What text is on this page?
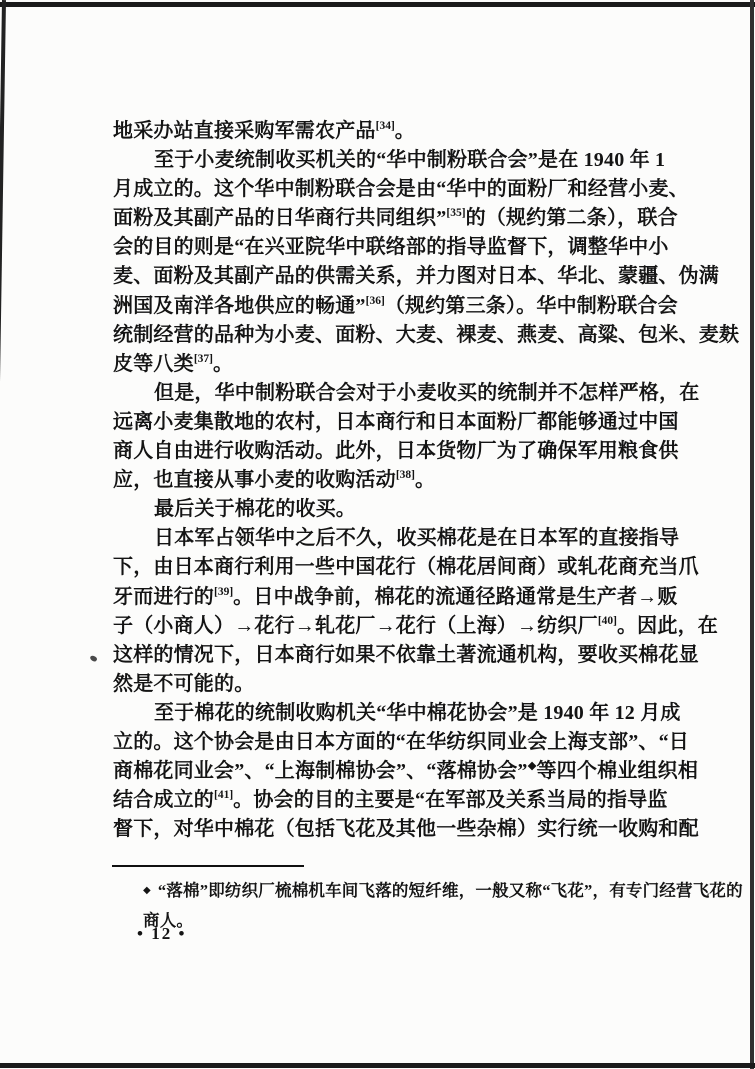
地采办站直接采购军需农产品[34]。
至于小麦统制收买机关的“华中制粉联合会”是在 1940 年 1
月成立的。这个华中制粉联合会是由“华中的面粉厂和经营小麦、
面粉及其副产品的日华商行共同组织”[35]的（规约第二条），联合
会的目的则是“在兴亚院华中联络部的指导监督下，调整华中小
麦、面粉及其副产品的供需关系，并力图对日本、华北、蒙疆、伪满
洲国及南洋各地供应的畅通”[36]（规约第三条）。华中制粉联合会
统制经营的品种为小麦、面粉、大麦、裸麦、燕麦、高粱、包米、麦麸
皮等八类[37]。
但是，华中制粉联合会对于小麦收买的统制并不怎样严格，在
远离小麦集散地的农村，日本商行和日本面粉厂都能够通过中国
商人自由进行收购活动。此外，日本货物厂为了确保军用粮食供
应，也直接从事小麦的收购活动[38]。
最后关于棉花的收买。
日本军占领华中之后不久，收买棉花是在日本军的直接指导
下，由日本商行利用一些中国花行（棉花居间商）或轧花商充当爪
牙而进行的[39]。日中战争前，棉花的流通径路通常是生产者→贩
子（小商人）→花行→轧花厂→花行（上海）→纺织厂[40]。因此，在
这样的情况下，日本商行如果不依靠土著流通机构，要收买棉花显
然是不可能的。
至于棉花的统制收购机关“华中棉花协会”是 1940 年 12 月成
立的。这个协会是由日本方面的“在华纺织同业会上海支部”、“日
商棉花同业会”、“上海制棉协会”、“落棉协会”◆等四个棉业组织相
结合成立的[41]。协会的目的主要是“在军部及关系当局的指导监
督下，对华中棉花（包括飞花及其他一些杂棉）实行统一收购和配
◆ “落棉”即纺织厂梳棉机车间飞落的短纤维，一般又称“飞花”，有专门经营飞花的
商人。
• 12 •
